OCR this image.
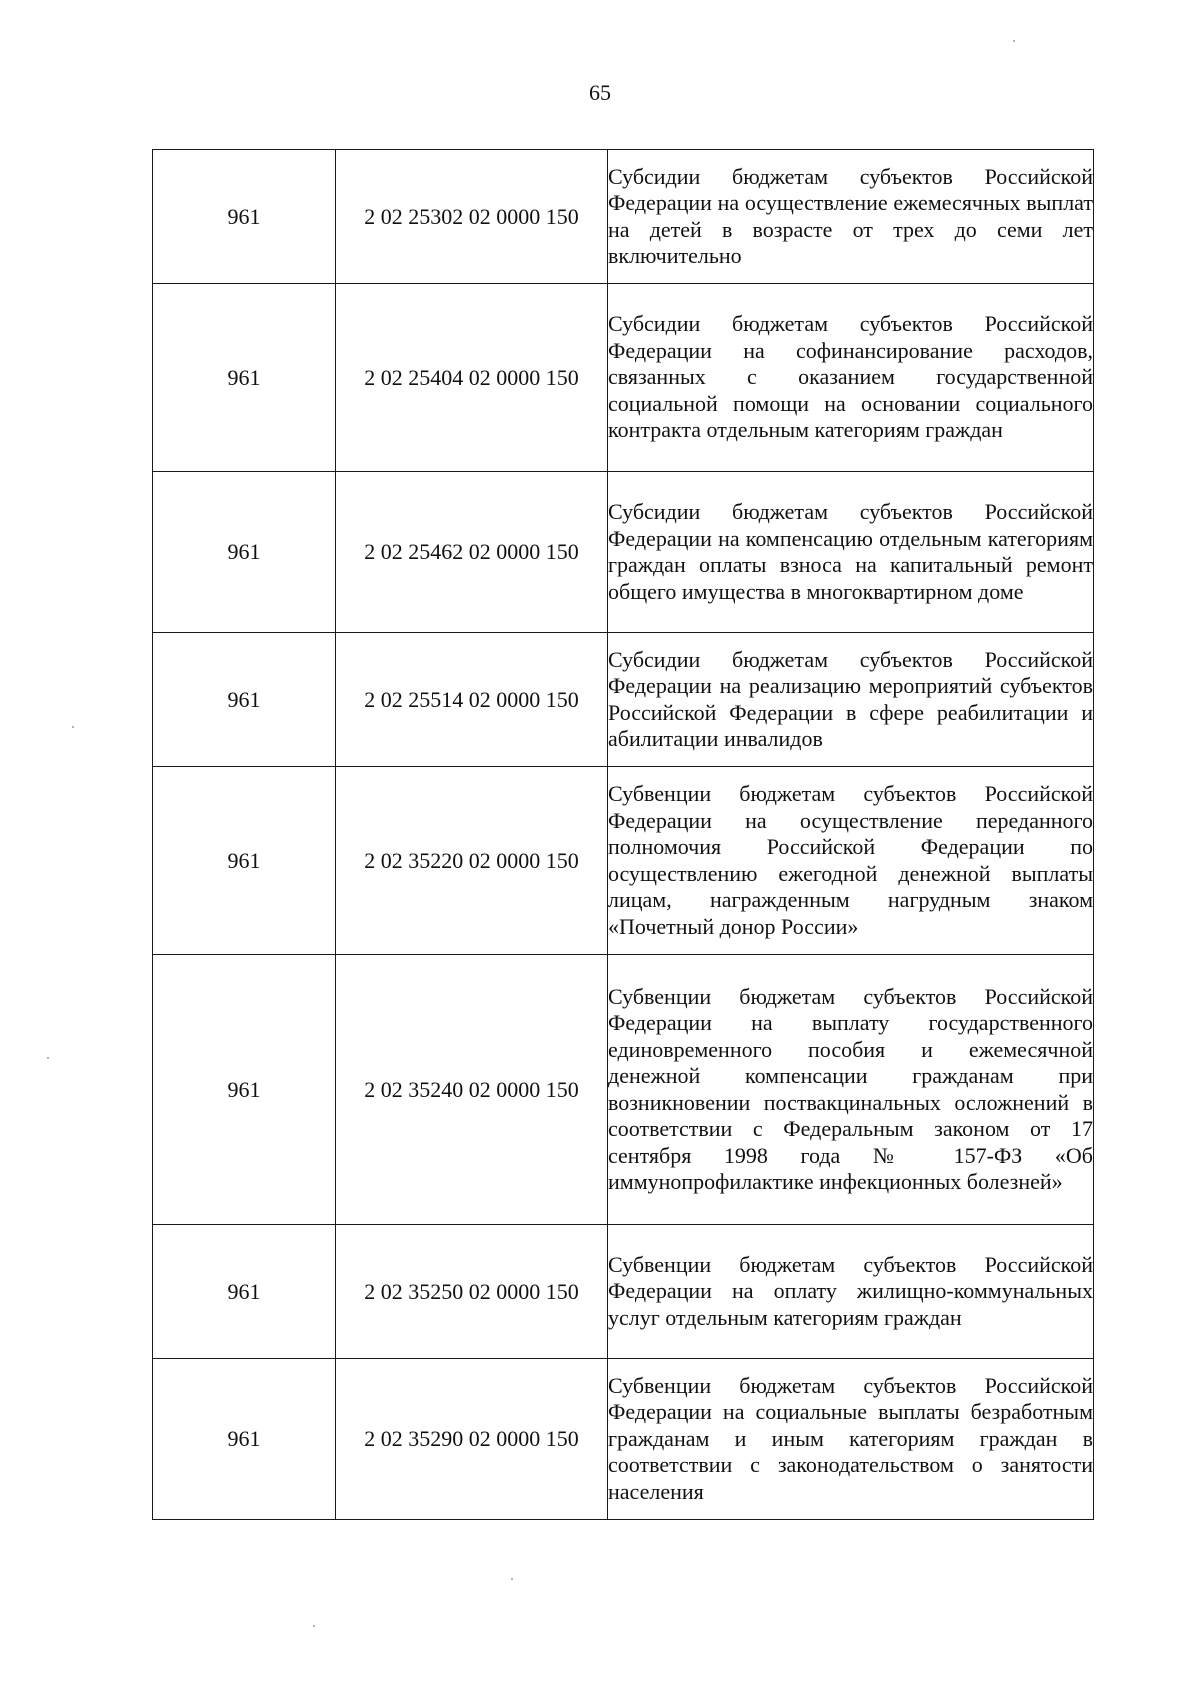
65
961	2 02 25302 02 0000 150	Субсидии бюджетам субъектов Российской Федерации на осуществление ежемесячных выплат на детей в возрасте от трех до семи лет включительно
961	2 02 25404 02 0000 150	Субсидии бюджетам субъектов Российской Федерации на софинансирование расходов, связанных с оказанием государственной социальной помощи на основании социального контракта отдельным категориям граждан
961	2 02 25462 02 0000 150	Субсидии бюджетам субъектов Российской Федерации на компенсацию отдельным категориям граждан оплаты взноса на капитальный ремонт общего имущества в многоквартирном доме
961	2 02 25514 02 0000 150	Субсидии бюджетам субъектов Российской Федерации на реализацию мероприятий субъектов Российской Федерации в сфере реабилитации и абилитации инвалидов
961	2 02 35220 02 0000 150	Субвенции бюджетам субъектов Российской Федерации на осуществление переданного полномочия Российской Федерации по осуществлению ежегодной денежной выплаты лицам, награжденным нагрудным знаком «Почетный донор России»
961	2 02 35240 02 0000 150	Субвенции бюджетам субъектов Российской Федерации на выплату государственного единовременного пособия и ежемесячной денежной компенсации гражданам при возникновении поствакцинальных осложнений в соответствии с Федеральным законом от 17 сентября 1998 года № 157-ФЗ «Об иммунопрофилактике инфекционных болезней»
961	2 02 35250 02 0000 150	Субвенции бюджетам субъектов Российской Федерации на оплату жилищно-коммунальных услуг отдельным категориям граждан
961	2 02 35290 02 0000 150	Субвенции бюджетам субъектов Российской Федерации на социальные выплаты безработным гражданам и иным категориям граждан в соответствии с законодательством о занятости населения
